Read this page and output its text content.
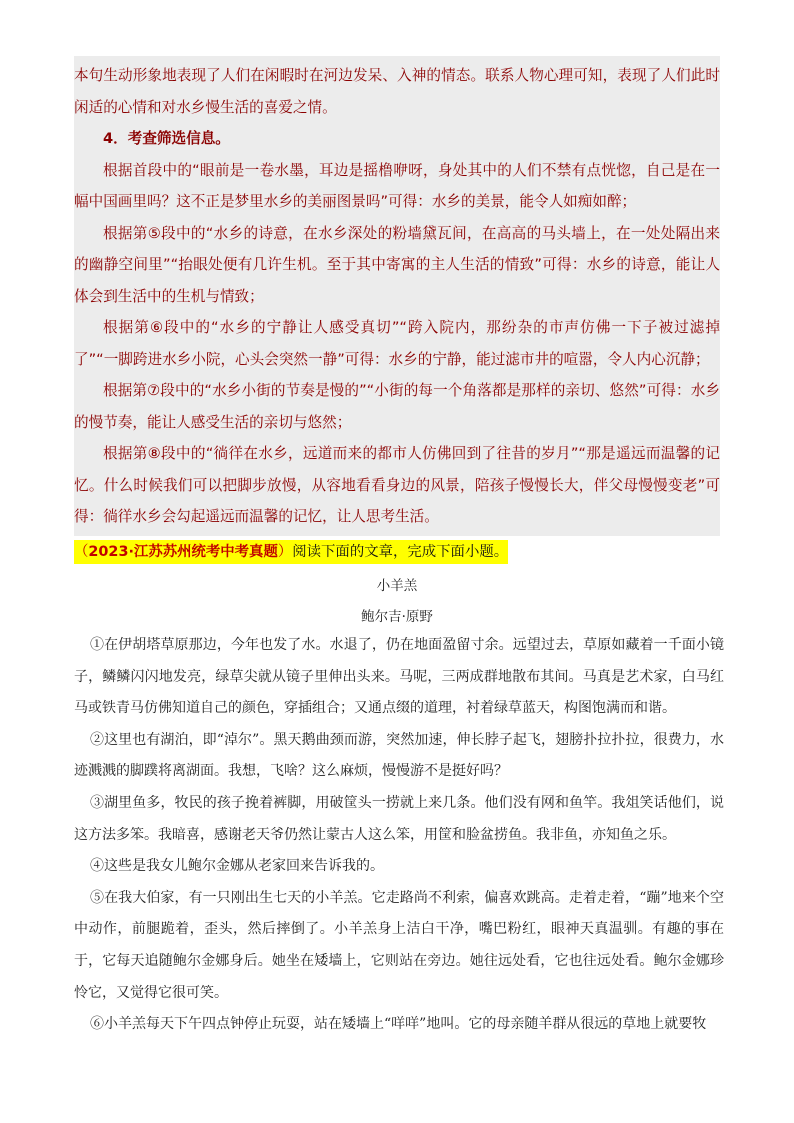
本句生动形象地表现了人们在闲暇时在河边发呆、入神的情态。联系人物心理可知，表现了人们此时闲适的心情和对水乡慢生活的喜爱之情。

4．考查筛选信息。

根据首段中的“眼前是一卷水墨，耳边是摇橹咿呀，身处其中的人们不禁有点恍惚，自己是在一幅中国画里吗？这不正是梦里水乡的美丽图景吗”可得：水乡的美景，能令人如痴如醉；

根据第⑤段中的“水乡的诗意，在水乡深处的粉墙黛瓦间，在高高的马头墙上，在一处处隔出来的幽静空间里”“抬眼处便有几许生机。至于其中寄寓的主人生活的情致”可得：水乡的诗意，能让人体会到生活中的生机与情致；

根据第⑥段中的“水乡的宁静让人感受真切”“跨入院内，那纷杂的市声仿佛一下子被过滤掉了”“一脚跨进水乡小院，心头会突然一静”可得：水乡的宁静，能过滤市井的喧嚣，令人内心沉静；

根据第⑦段中的“水乡小街的节奏是慢的”“小街的每一个角落都是那样的亲切、悠然”可得：水乡的慢节奏，能让人感受生活的亲切与悠然；

根据第⑧段中的“徜徉在水乡，远道而来的都市人仿佛回到了往昔的岁月”“那是遥远而温馨的记忆。什么时候我们可以把脚步放慢，从容地看看身边的风景，陪孩子慢慢长大，伴父母慢慢变老”可得：徜徉水乡会勾起遥远而温馨的记忆，让人思考生活。

（2023·江苏苏州统考中考真题）阅读下面的文章，完成下面小题。
小羊羔
鲍尔吉·原野

①在伊胡塔草原那边，今年也发了水。水退了，仍在地面盈留寸余。远望过去，草原如藏着一千面小镜子，鳞鳞闪闪地发亮，绿草尖就从镜子里伸出头来。马呢，三两成群地散布其间。马真是艺术家，白马红马或铁青马仿佛知道自己的颜色，穿插组合；又通点缀的道理，衬着绿草蓝天，构图饱满而和谐。

②这里也有湖泊，即“淖尔”。黑天鹅曲颈而游，突然加速，伸长脖子起飞，翅膀扑拉扑拉，很费力，水迹溅溅的脚蹼将离湖面。我想，飞啥？这么麻烦，慢慢游不是挺好吗？

③湖里鱼多，牧民的孩子挽着裤脚，用破筐头一捞就上来几条。他们没有网和鱼竿。我俎笑话他们，说这方法多笨。我暗喜，感谢老天爷仍然让蒙古人这么笨，用筐和脸盆捞鱼。我非鱼，亦知鱼之乐。

④这些是我女儿鲍尔金娜从老家回来告诉我的。

⑤在我大伯家，有一只刚出生七天的小羊羔。它走路尚不利索，偏喜欢跳高。走着走着，“蹦”地来个空中动作，前腿跪着，歪头，然后摔倒了。小羊羔身上洁白干净，嘴巴粉红，眼神天真温驯。有趣的事在于，它每天追随鲍尔金娜身后。她坐在矮墙上，它则站在旁边。她往远处看，它也往远处看。鲍尔金娜珍怜它，又觉得它很可笑。

⑥小羊羔每天下午四点钟停止玩耍，站在矮墙上“咩咩”地叫。它的母亲随羊群从很远的草地上就要牧
